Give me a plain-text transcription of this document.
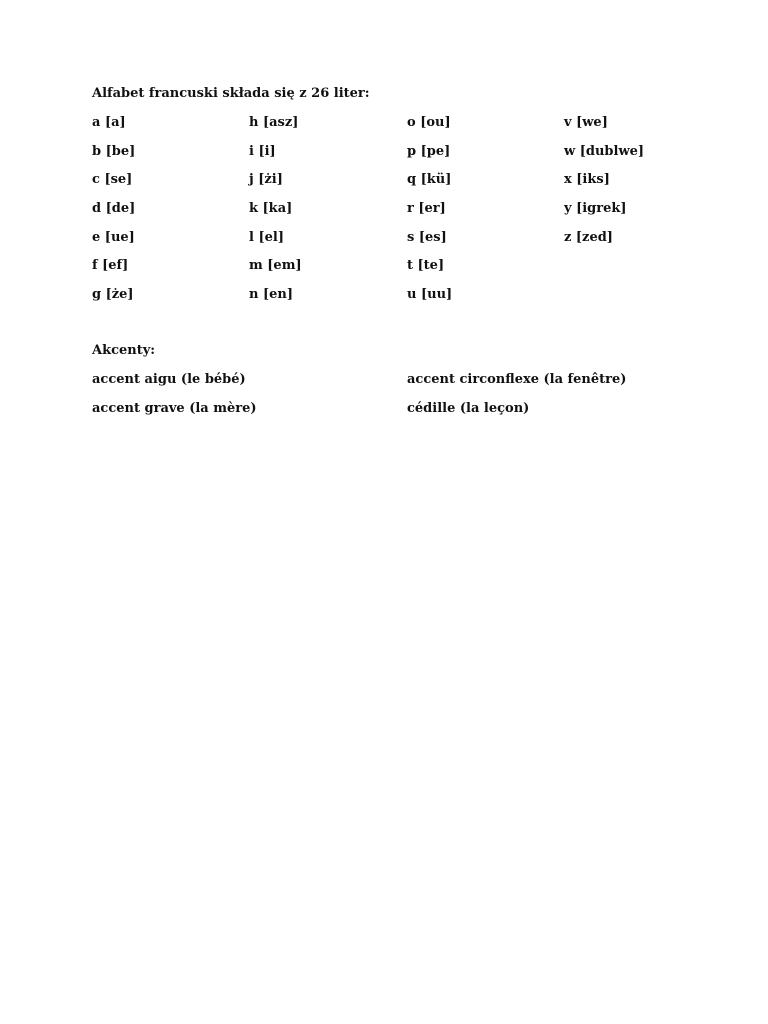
Alfabet francuski składa się z 26 liter:
a [a]
b [be]
c [se]
d [de]
e [ue]
f [ef]
g [że]
h [asz]
i [i]
j [żi]
k [ka]
l [el]
m [em]
n [en]
o [ou]
p [pe]
q [kü]
r [er]
s [es]
t [te]
u [uu]
v [we]
w [dublwe]
x [iks]
y [igrek]
z [zed]
Akcenty:
accent aigu (le bébé)	accent circonflexe (la fenêtre)
accent grave (la mère)	cédille (la leçon)
